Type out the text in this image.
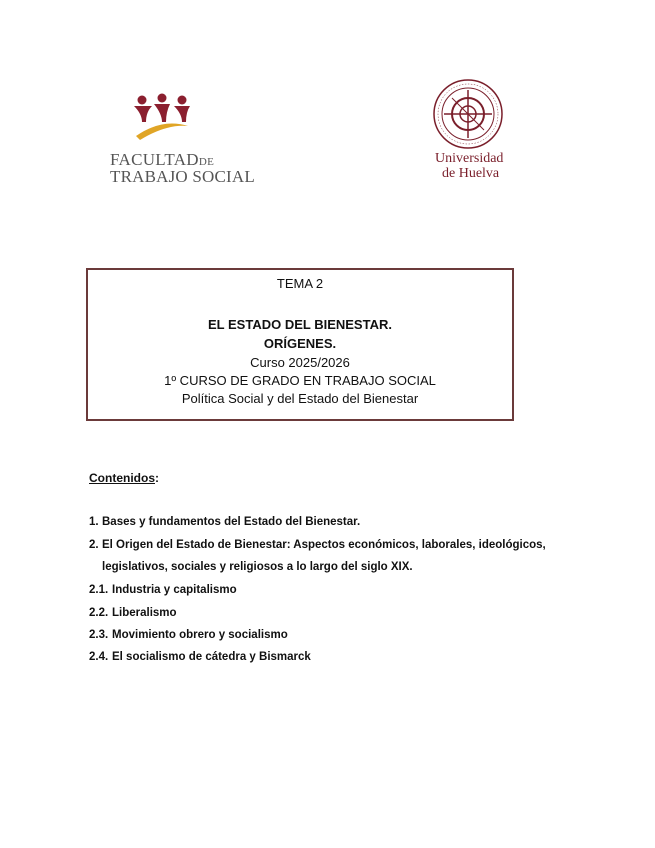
FACULTADDE
TRABAJO SOCIAL
Universidad
de Huelva
TEMA 2
EL ESTADO DEL BIENESTAR.
ORÍGENES.
Curso 2025/2026
1º CURSO DE GRADO EN TRABAJO SOCIAL
Política Social y del Estado del Bienestar
Contenidos:
1. Bases y fundamentos del Estado del Bienestar.
2. El Origen del Estado de Bienestar: Aspectos económicos, laborales, ideológicos,
legislativos, sociales y religiosos a lo largo del siglo XIX.
2.1. Industria y capitalismo
2.2. Liberalismo
2.3. Movimiento obrero y socialismo
2.4. El socialismo de cátedra y Bismarck
